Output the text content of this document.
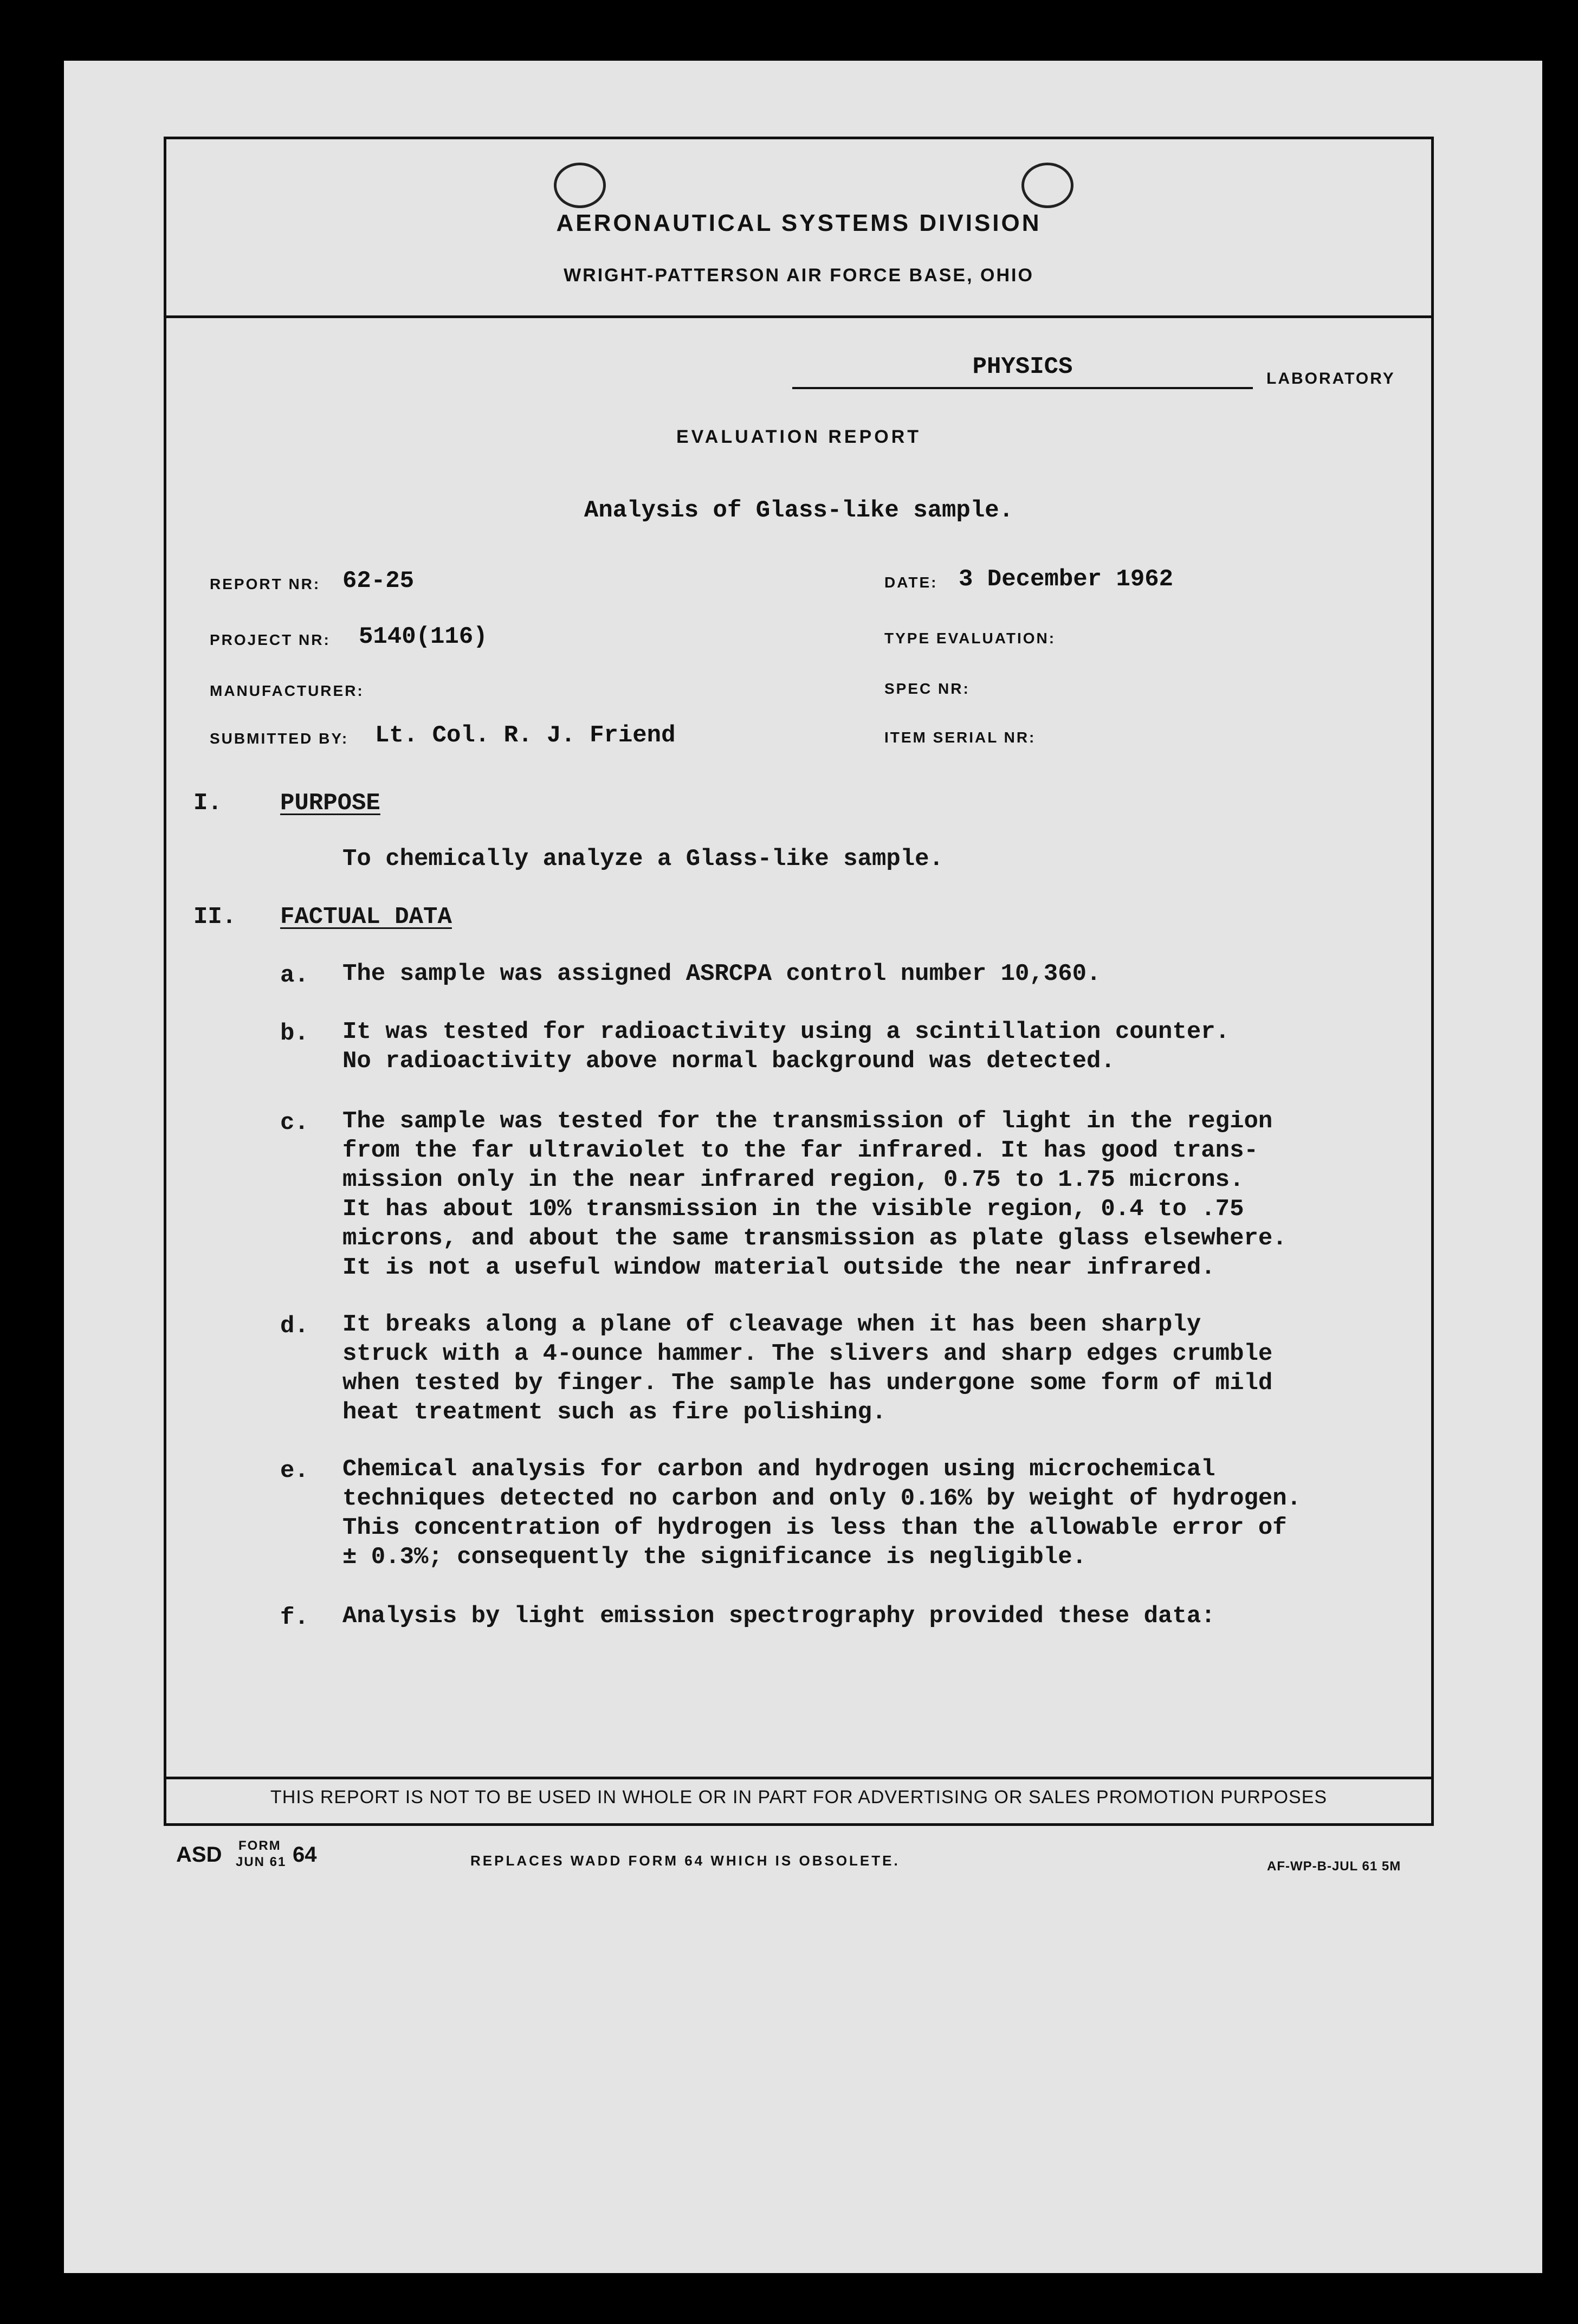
AERONAUTICAL SYSTEMS DIVISION
WRIGHT-PATTERSON AIR FORCE BASE, OHIO
PHYSICS	LABORATORY
EVALUATION REPORT
Analysis of Glass-like sample.
REPORT NR: 62-25
PROJECT NR: 5140(116)
MANUFACTURER:
SUBMITTED BY: Lt. Col. R. J. Friend
DATE: 3 December 1962
TYPE EVALUATION:
SPEC NR:
ITEM SERIAL NR:
I. PURPOSE
To chemically analyze a Glass-like sample.
II. FACTUAL DATA
a. The sample was assigned ASRCPA control number 10,360.
b. It was tested for radioactivity using a scintillation counter.
No radioactivity above normal background was detected.
c. The sample was tested for the transmission of light in the region
from the far ultraviolet to the far infrared. It has good trans-
mission only in the near infrared region, 0.75 to 1.75 microns.
It has about 10% transmission in the visible region, 0.4 to .75
microns, and about the same transmission as plate glass elsewhere.
It is not a useful window material outside the near infrared.
d. It breaks along a plane of cleavage when it has been sharply
struck with a 4-ounce hammer. The slivers and sharp edges crumble
when tested by finger. The sample has undergone some form of mild
heat treatment such as fire polishing.
e. Chemical analysis for carbon and hydrogen using microchemical
techniques detected no carbon and only 0.16% by weight of hydrogen.
This concentration of hydrogen is less than the allowable error of
± 0.3%; consequently the significance is negligible.
f. Analysis by light emission spectrography provided these data:
THIS REPORT IS NOT TO BE USED IN WHOLE OR IN PART FOR ADVERTISING OR SALES PROMOTION PURPOSES
ASD FORM
JUN 61 64	REPLACES WADD FORM 64 WHICH IS OBSOLETE.	AF-WP-B-JUL 61 5M
